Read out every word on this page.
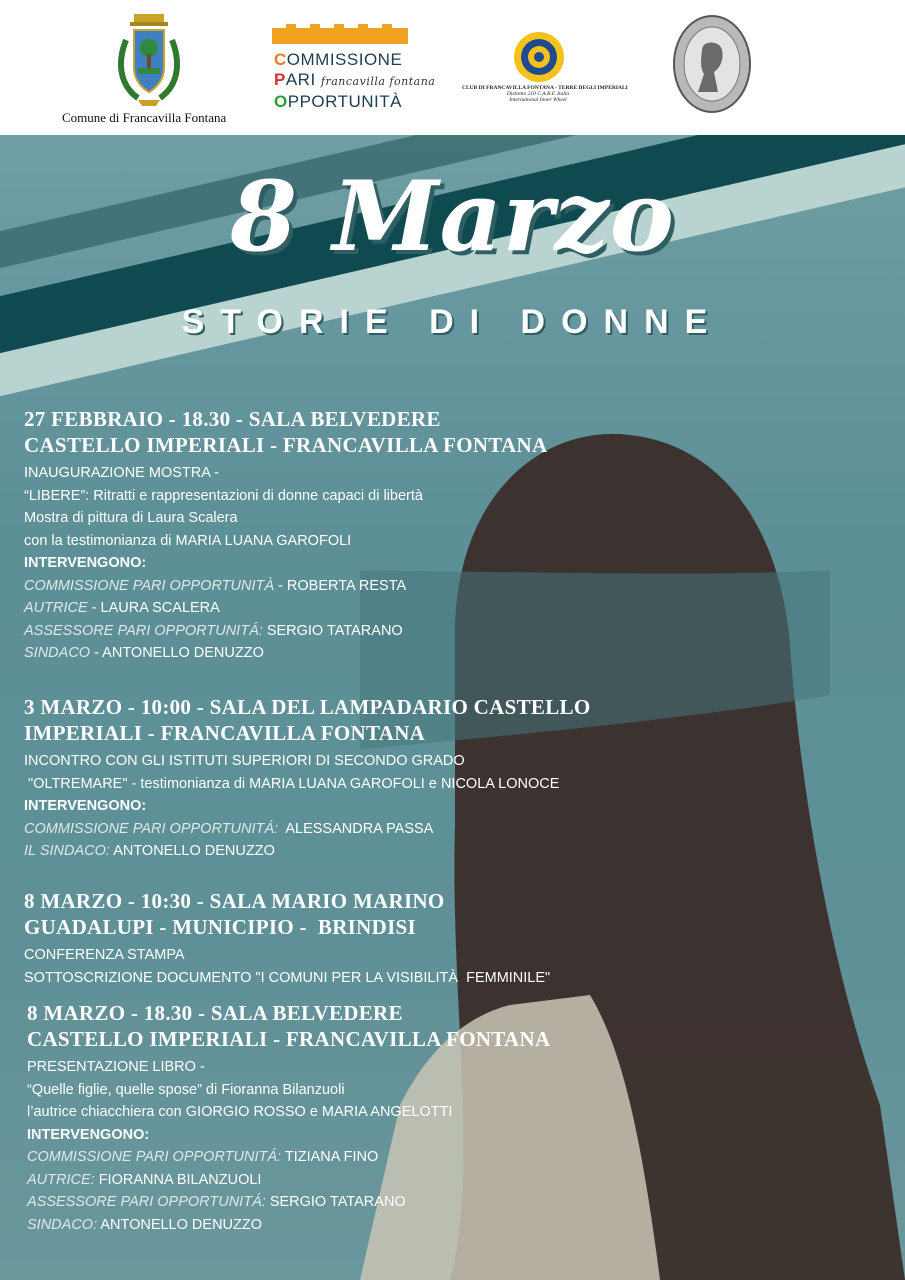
Comune di Francavilla Fontana
COMMISSIONE
PARI francavilla fontana
OPPORTUNITÀ
CLUB DI FRANCAVILLA FONTANA - TERRE DEGLI IMPERIALI
Distretto 210 C.A.R.F. Italia
International Inner Wheel
8 Marzo
STORIE DI DONNE
27 FEBBRAIO - 18.30 - SALA BELVEDERE
CASTELLO IMPERIALI - FRANCAVILLA FONTANA
INAUGURAZIONE MOSTRA -
“LIBERE”: Ritratti e rappresentazioni di donne capaci di libertà
Mostra di pittura di Laura Scalera
con la testimonianza di MARIA LUANA GAROFOLI
INTERVENGONO:
COMMISSIONE PARI OPPORTUNITÀ - ROBERTA RESTA
AUTRICE - LAURA SCALERA
ASSESSORE PARI OPPORTUNITÁ: SERGIO TATARANO
SINDACO - ANTONELLO DENUZZO
3 MARZO - 10:00 - SALA DEL LAMPADARIO CASTELLO
IMPERIALI - FRANCAVILLA FONTANA
INCONTRO CON GLI ISTITUTI SUPERIORI DI SECONDO GRADO
"OLTREMARE" - testimonianza di MARIA LUANA GAROFOLI e NICOLA LONOCE
INTERVENGONO:
COMMISSIONE PARI OPPORTUNITÁ: ALESSANDRA PASSA
IL SINDACO: ANTONELLO DENUZZO
8 MARZO - 10:30 - SALA MARIO MARINO
GUADALUPI - MUNICIPIO -  BRINDISI
CONFERENZA STAMPA
SOTTOSCRIZIONE DOCUMENTO "I COMUNI PER LA VISIBILITÀ  FEMMINILE"
8 MARZO - 18.30 - SALA BELVEDERE
CASTELLO IMPERIALI - FRANCAVILLA FONTANA
PRESENTAZIONE LIBRO -
“Quelle figlie, quelle spose” di Fioranna Bilanzuoli
l’autrice chiacchiera con GIORGIO ROSSO e MARIA ANGELOTTI
INTERVENGONO:
COMMISSIONE PARI OPPORTUNITÁ: TIZIANA FINO
AUTRICE: FIORANNA BILANZUOLI
ASSESSORE PARI OPPORTUNITÁ: SERGIO TATARANO
SINDACO: ANTONELLO DENUZZO
